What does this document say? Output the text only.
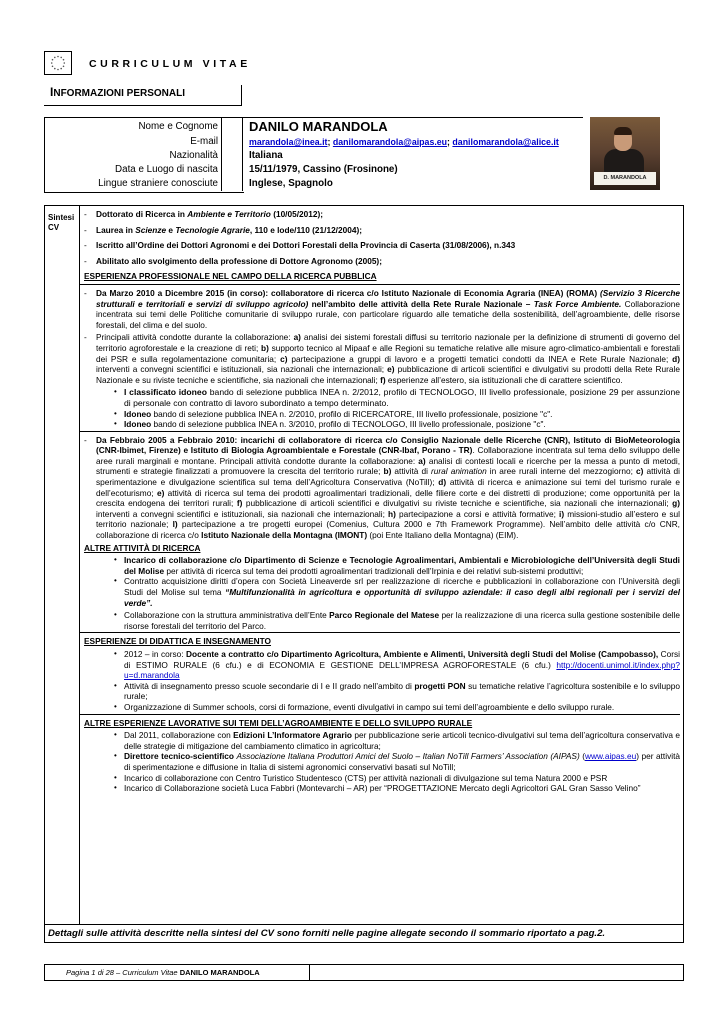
CURRICULUM VITAE
INFORMAZIONI PERSONALI
Nome e Cognome	DANILO MARANDOLA
E-mail	marandola@inea.it; danilomarandola@aipas.eu; danilomarandola@alice.it
Nazionalità	Italiana
Data e Luogo di nascita	15/11/1979, Cassino (Frosinone)
Lingue straniere conosciute	Inglese, Spagnolo	D. MARANDOLA
Sintesi
CV
-	Dottorato di Ricerca in Ambiente e Territorio (10/05/2012);
-	Laurea in Scienze e Tecnologie Agrarie, 110 e lode/110 (21/12/2004);
-	Iscritto all’Ordine dei Dottori Agronomi e dei Dottori Forestali della Provincia di Caserta (31/08/2006), n.343
-	Abilitato allo svolgimento della professione di Dottore Agronomo (2005);
ESPERIENZA PROFESSIONALE NEL CAMPO DELLA RICERCA PUBBLICA
-	Da Marzo 2010 a Dicembre 2015 (in corso): collaboratore di ricerca c/o Istituto Nazionale di Economia Agraria (INEA) (ROMA) (Servizio 3 Ricerche strutturali e territoriali e servizi di sviluppo agricolo) nell’ambito delle attività della Rete Rurale Nazionale – Task Force Ambiente. Collaborazione incentrata sui temi delle Politiche comunitarie di sviluppo rurale, con particolare riguardo alle tematiche della sostenibilità, dell’agroambiente, delle risorse forestali, del clima e del suolo.
-	Principali attività condotte durante la collaborazione: a) analisi dei sistemi forestali diffusi su territorio nazionale per la definizione di strumenti di governo del territorio agroforestale e la creazione di reti; b) supporto tecnico al Mipaaf e alle Regioni su tematiche relative alle misure agro-climatico-ambientali e forestali dei PSR e sulla regolamentazione comunitaria; c) partecipazione a gruppi di lavoro e a progetti tematici condotti da INEA e Rete Rurale Nazionale; d) interventi a convegni scientifici e istituzionali, sia nazionali che internazionali; e) pubblicazione di articoli scientifici e divulgativi su prodotti della Rete Rurale Nazionale e su riviste tecniche e scientifiche, sia nazionali che internazionali; f) esperienze all’estero, sia istituzionali che di carattere scientifico.
• I classificato idoneo bando di selezione pubblica INEA n. 2/2012, profilo di TECNOLOGO, III livello professionale, posizione 29 per assunzione di personale con contratto di lavoro subordinato a tempo determinato.
• Idoneo bando di selezione pubblica INEA n. 2/2010, profilo di RICERCATORE, III livello professionale, posizione "c".
• Idoneo bando di selezione pubblica INEA n. 3/2010, profilo di TECNOLOGO, III livello professionale, posizione "c".
-	Da Febbraio 2005 a Febbraio 2010: incarichi di collaboratore di ricerca c/o Consiglio Nazionale delle Ricerche (CNR), Istituto di BioMeteorologia (CNR-Ibimet, Firenze) e Istituto di Biologia Agroambientale e Forestale (CNR-Ibaf, Porano - TR). Collaborazione incentrata sul tema dello sviluppo delle aree rurali marginali e montane. Principali attività condotte durante la collaborazione: a) analisi di contesti locali e ricerche per la messa a punto di metodi, strumenti e strategie finalizzati a promuovere la crescita del territorio rurale; b) attività di rural animation in aree rurali interne del mezzogiorno; c) attività di sperimentazione e divulgazione scientifica sul tema dell’Agricoltura Conservativa (NoTill); d) attività di ricerca e animazione sui temi del turismo rurale e dell’ecoturismo; e) attività di ricerca sul tema dei prodotti agroalimentari tradizionali, delle filiere corte e dei distretti di produzione; come opportunità per la crescita endogena dei territori rurali; f) pubblicazione di articoli scientifici e divulgativi su riviste tecniche e scientifiche, sia nazionali che internazionali; g) interventi a convegni scientifici e istituzionali, sia nazionali che internazionali; h) partecipazione a corsi e attività formative; i) missioni-studio all’estero e sul territorio nazionale; l) partecipazione a tre progetti europei (Comenius, Cultura 2000 e 7th Framework Programme). Nell’ambito delle attività c/o CNR, collaborazione di ricerca c/o Istituto Nazionale della Montagna (IMONT) (poi Ente Italiano della Montagna) (EIM).
ALTRE ATTIVITÀ DI RICERCA
• Incarico di collaborazione c/o Dipartimento di Scienze e Tecnologie Agroalimentari, Ambientali e Microbiologiche dell’Università degli Studi del Molise per attività di ricerca sul tema dei prodotti agroalimentari tradizionali dell’Irpinia e dei relativi sub-sistemi produttivi;
• Contratto acquisizione diritti d’opera con Società Lineaverde srl per realizzazione di ricerche e pubblicazioni in collaborazione con l’Università degli Studi del Molise sul tema “Multifunzionalità in agricoltura e opportunità di sviluppo aziendale: il caso degli albi regionali per i servizi del verde”.
• Collaborazione con la struttura amministrativa dell’Ente Parco Regionale del Matese per la realizzazione di una ricerca sulla gestione sostenibile delle risorse forestali del territorio del Parco.
ESPERIENZE DI DIDATTICA E INSEGNAMENTO
• 2012 – in corso: Docente a contratto c/o Dipartimento Agricoltura, Ambiente e Alimenti, Università degli Studi del Molise (Campobasso), Corsi di ESTIMO RURALE (6 cfu.) e di ECONOMIA E GESTIONE DELL’IMPRESA AGROFORESTALE (6 cfu.) http://docenti.unimol.it/index.php?u=d.marandola
• Attività di insegnamento presso scuole secondarie di I e II grado nell’ambito di progetti PON su tematiche relative l’agricoltura sostenibile e lo sviluppo rurale;
• Organizzazione di Summer schools, corsi di formazione, eventi divulgativi in campo sui temi dell’agroambiente e dello sviluppo rurale.
ALTRE ESPERIENZE LAVORATIVE SUI TEMI DELL’AGROAMBIENTE E DELLO SVILUPPO RURALE
• Dal 2011, collaborazione con Edizioni L’Informatore Agrario per pubblicazione serie articoli tecnico-divulgativi sul tema dell’agricoltura conservativa e delle strategie di mitigazione del cambiamento climatico in agricoltura;
• Direttore tecnico-scientifico Associazione Italiana Produttori Amici del Suolo – Italian NoTill Farmers’ Association (AIPAS) (www.aipas.eu) per attività di sperimentazione e diffusione in Italia di sistemi agronomici conservativi basati sul NoTill;
• Incarico di collaborazione con Centro Turistico Studentesco (CTS) per attività nazionali di divulgazione sul tema Natura 2000 e PSR
• Incarico di Collaborazione società Luca Fabbri (Montevarchi – AR) per “PROGETTAZIONE Mercato degli Agricoltori GAL Gran Sasso Velino”
Dettagli sulle attività descritte nella sintesi del CV sono forniti nelle pagine allegate secondo il sommario riportato a pag.2.
Pagina 1 di 28 – Curriculum Vitae DANILO MARANDOLA
